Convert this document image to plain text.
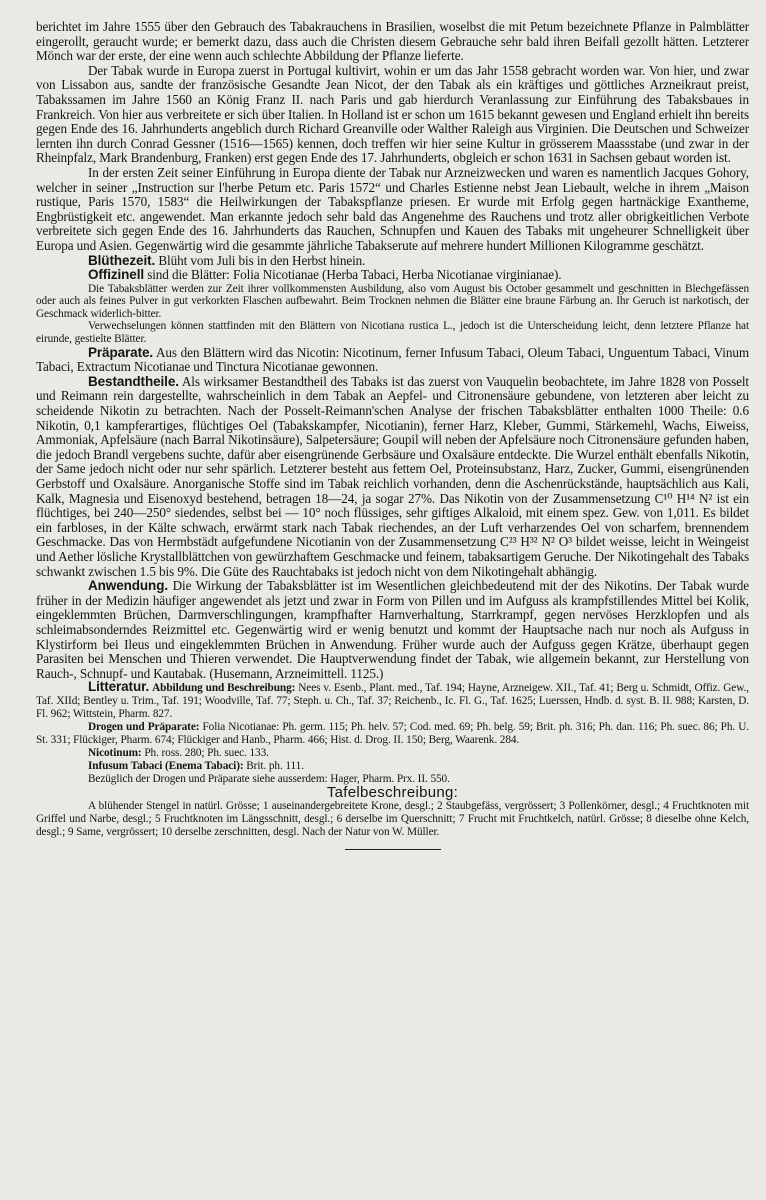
berichtet im Jahre 1555 über den Gebrauch des Tabakrauchens in Brasilien, woselbst die mit Petum bezeichnete Pflanze in Palmblätter eingerollt, geraucht wurde; er bemerkt dazu, dass auch die Christen diesem Gebrauche sehr bald ihren Beifall gezollt hätten. Letzterer Mönch war der erste, der eine wenn auch schlechte Abbildung der Pflanze lieferte.

Der Tabak wurde in Europa zuerst in Portugal kultivirt, wohin er um das Jahr 1558 gebracht worden war. Von hier, und zwar von Lissabon aus, sandte der französische Gesandte Jean Nicot, der den Tabak als ein kräftiges und göttliches Arzneikraut preist, Tabakssamen im Jahre 1560 an König Franz II. nach Paris und gab hierdurch Veranlassung zur Einführung des Tabaksbaues in Frankreich. Von hier aus verbreitete er sich über Italien. In Holland ist er schon um 1615 bekannt gewesen und England erhielt ihn bereits gegen Ende des 16. Jahrhunderts angeblich durch Richard Greanville oder Walther Raleigh aus Virginien. Die Deutschen und Schweizer lernten ihn durch Conrad Gessner (1516—1565) kennen, doch treffen wir hier seine Kultur in grösserem Maassstabe (und zwar in der Rheinpfalz, Mark Brandenburg, Franken) erst gegen Ende des 17. Jahrhunderts, obgleich er schon 1631 in Sachsen gebaut worden ist.

In der ersten Zeit seiner Einführung in Europa diente der Tabak nur Arzneizwecken und waren es namentlich Jacques Gohory, welcher in seiner „Instruction sur l'herbe Petum etc. Paris 1572“ und Charles Estienne nebst Jean Liebault, welche in ihrem „Maison rustique, Paris 1570, 1583“ die Heilwirkungen der Tabakspflanze priesen. Er wurde mit Erfolg gegen hartnäckige Exantheme, Engbrüstigkeit etc. angewendet. Man erkannte jedoch sehr bald das Angenehme des Rauchens und trotz aller obrigkeitlichen Verbote verbreitete sich gegen Ende des 16. Jahrhunderts das Rauchen, Schnupfen und Kauen des Tabaks mit ungeheurer Schnelligkeit über Europa und Asien. Gegenwärtig wird die gesammte jährliche Tabakserute auf mehrere hundert Millionen Kilogramme geschätzt.

Blüthezeit. Blüht vom Juli bis in den Herbst hinein.

Offizinell sind die Blätter: Folia Nicotianae (Herba Tabaci, Herba Nicotianae virginianae).

Die Tabaksblätter werden zur Zeit ihrer vollkommensten Ausbildung, also vom August bis October gesammelt und geschnitten in Blechgefässen oder auch als feines Pulver in gut verkorkten Flaschen aufbewahrt. Beim Trocknen nehmen die Blätter eine braune Färbung an. Ihr Geruch ist narkotisch, der Geschmack widerlich-bitter.

Verwechselungen können stattfinden mit den Blättern von Nicotiana rustica L., jedoch ist die Unterscheidung leicht, denn letztere Pflanze hat eirunde, gestielte Blätter.

Präparate. Aus den Blättern wird das Nicotin: Nicotinum, ferner Infusum Tabaci, Oleum Tabaci, Unguentum Tabaci, Vinum Tabaci, Extractum Nicotianae und Tinctura Nicotianae gewonnen.

Bestandtheile. Als wirksamer Bestandtheil des Tabaks ist das zuerst von Vauquelin beobachtete, im Jahre 1828 von Posselt und Reimann rein dargestellte, wahrscheinlich in dem Tabak an Aepfel- und Citronensäure gebundene, von letzteren aber leicht zu scheidende Nikotin zu betrachten. Nach der Posselt-Reimann'schen Analyse der frischen Tabaksblätter enthalten 1000 Theile: 0.6 Nikotin, 0,1 kampferartiges, flüchtiges Oel (Tabakskampfer, Nicotianin), ferner Harz, Kleber, Gummi, Stärkemehl, Wachs, Eiweiss, Ammoniak, Apfelsäure (nach Barral Nikotinsäure), Salpetersäure; Goupil will neben der Apfelsäure noch Citronensäure gefunden haben, die jedoch Brandl vergebens suchte, dafür aber eisengrünende Gerbsäure und Oxalsäure entdeckte. Die Wurzel enthält ebenfalls Nikotin, der Same jedoch nicht oder nur sehr spärlich. Letzterer besteht aus fettem Oel, Proteinsubstanz, Harz, Zucker, Gummi, eisengrünenden Gerbstoff und Oxalsäure. Anorganische Stoffe sind im Tabak reichlich vorhanden, denn die Aschenrückstände, hauptsächlich aus Kali, Kalk, Magnesia und Eisenoxyd bestehend, betragen 18—24, ja sogar 27%. Das Nikotin von der Zusammensetzung C¹⁰ H¹⁴ N² ist ein flüchtiges, bei 240—250° siedendes, selbst bei — 10° noch flüssiges, sehr giftiges Alkaloid, mit einem spez. Gew. von 1,011. Es bildet ein farbloses, in der Kälte schwach, erwärmt stark nach Tabak riechendes, an der Luft verharzendes Oel von scharfem, brennendem Geschmacke. Das von Hermbstädt aufgefundene Nicotianin von der Zusammensetzung C²³ H³² N² O³ bildet weisse, leicht in Weingeist und Aether lösliche Krystallblättchen von gewürzhaftem Geschmacke und feinem, tabaksartigem Geruche. Der Nikotingehalt des Tabaks schwankt zwischen 1.5 bis 9%. Die Güte des Rauchtabaks ist jedoch nicht von dem Nikotingehalt abhängig.

Anwendung. Die Wirkung der Tabaksblätter ist im Wesentlichen gleichbedeutend mit der des Nikotins. Der Tabak wurde früher in der Medizin häufiger angewendet als jetzt und zwar in Form von Pillen und im Aufguss als krampfstillendes Mittel bei Kolik, eingeklemmten Brüchen, Darmverschlingungen, krampfhafter Harnverhaltung, Starrkrampf, gegen nervöses Herzklopfen und als schleimabsonderndes Reizmittel etc. Gegenwärtig wird er wenig benutzt und kommt der Hauptsache nach nur noch als Aufguss in Klystirform bei Ileus und eingeklemmten Brüchen in Anwendung. Früher wurde auch der Aufguss gegen Krätze, überhaupt gegen Parasiten bei Menschen und Thieren verwendet. Die Hauptverwendung findet der Tabak, wie allgemein bekannt, zur Herstellung von Rauch-, Schnupf- und Kautabak. (Husemann, Arzneimittell. 1125.)

Litteratur. Abbildung und Beschreibung: Nees v. Esenb., Plant. med., Taf. 194; Hayne, Arzneigew. XII., Taf. 41; Berg u. Schmidt, Offiz. Gew., Taf. XIId; Bentley u. Trim., Taf. 191; Woodville, Taf. 77; Steph. u. Ch., Taf. 37; Reichenb., Ic. Fl. G., Taf. 1625; Luerssen, Hndb. d. syst. B. II. 988; Karsten, D. Fl. 962; Wittstein, Pharm. 827.

Drogen und Präparate: Folia Nicotianae: Ph. germ. 115; Ph. helv. 57; Cod. med. 69; Ph. belg. 59; Brit. ph. 316; Ph. dan. 116; Ph. suec. 86; Ph. U. St. 331; Flückiger, Pharm. 674; Flückiger and Hanb., Pharm. 466; Hist. d. Drog. II. 150; Berg, Waarenk. 284.

Nicotinum: Ph. ross. 280; Ph. suec. 133.

Infusum Tabaci (Enema Tabaci): Brit. ph. 111.

Bezüglich der Drogen und Präparate siehe ausserdem: Hager, Pharm. Prx. II. 550.

Tafelbeschreibung:

A blühender Stengel in natürl. Grösse; 1 auseinandergebreitete Krone, desgl.; 2 Staubgefäss, vergrössert; 3 Pollenkörner, desgl.; 4 Fruchtknoten mit Griffel und Narbe, desgl.; 5 Fruchtknoten im Längsschnitt, desgl.; 6 derselbe im Querschnitt; 7 Frucht mit Fruchtkelch, natürl. Grösse; 8 dieselbe ohne Kelch, desgl.; 9 Same, vergrössert; 10 derselbe zerschnitten, desgl. Nach der Natur von W. Müller.
